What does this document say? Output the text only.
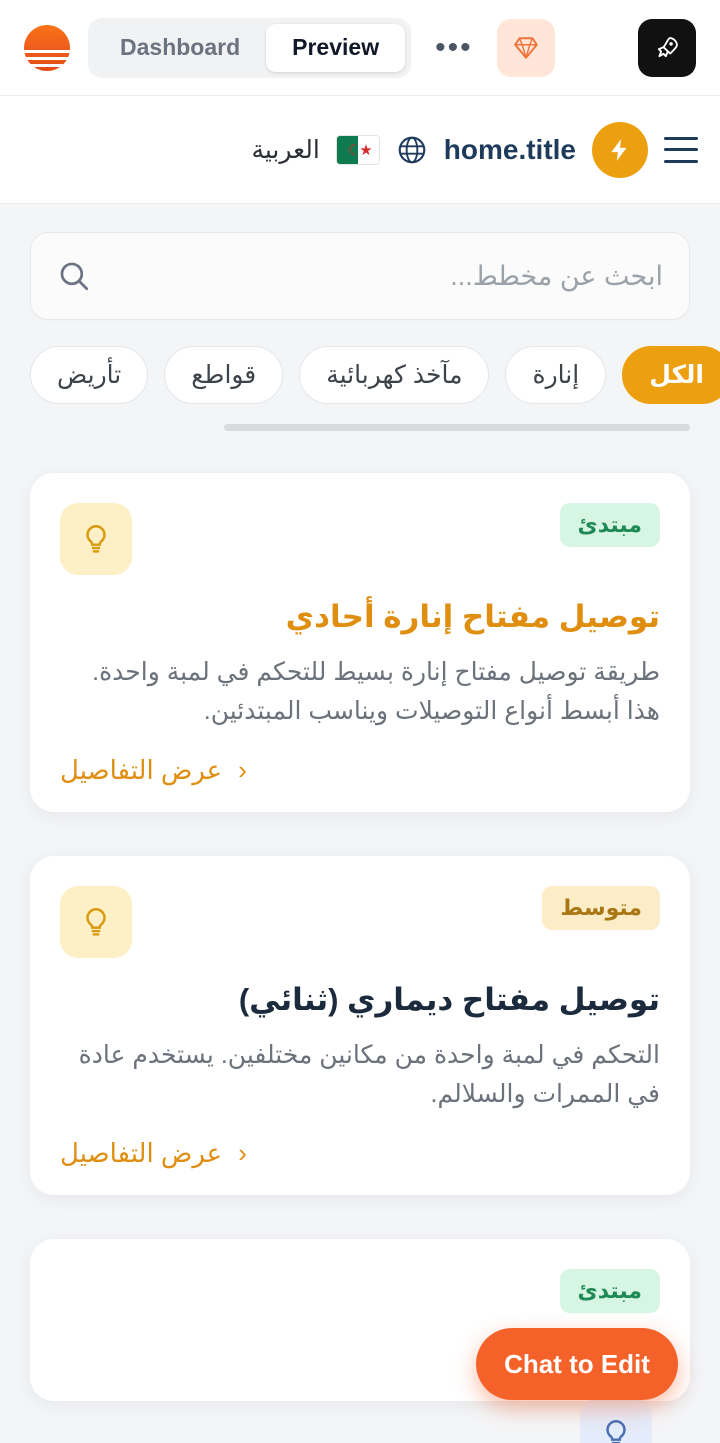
Dashboard	Preview	•••
home.title
☾★
العربية
ابحث عن مخطط...
تأريض	قواطع	مآخذ كهربائية	إنارة	الكل
مبتدئ
توصيل مفتاح إنارة أحادي
طريقة توصيل مفتاح إنارة بسيط للتحكم في لمبة واحدة. هذا أبسط أنواع التوصيلات ويناسب المبتدئين.
عرض التفاصيل ‹
متوسط
توصيل مفتاح ديماري (ثنائي)
التحكم في لمبة واحدة من مكانين مختلفين. يستخدم عادة في الممرات والسلالم.
عرض التفاصيل ‹
مبتدئ
Chat to Edit
